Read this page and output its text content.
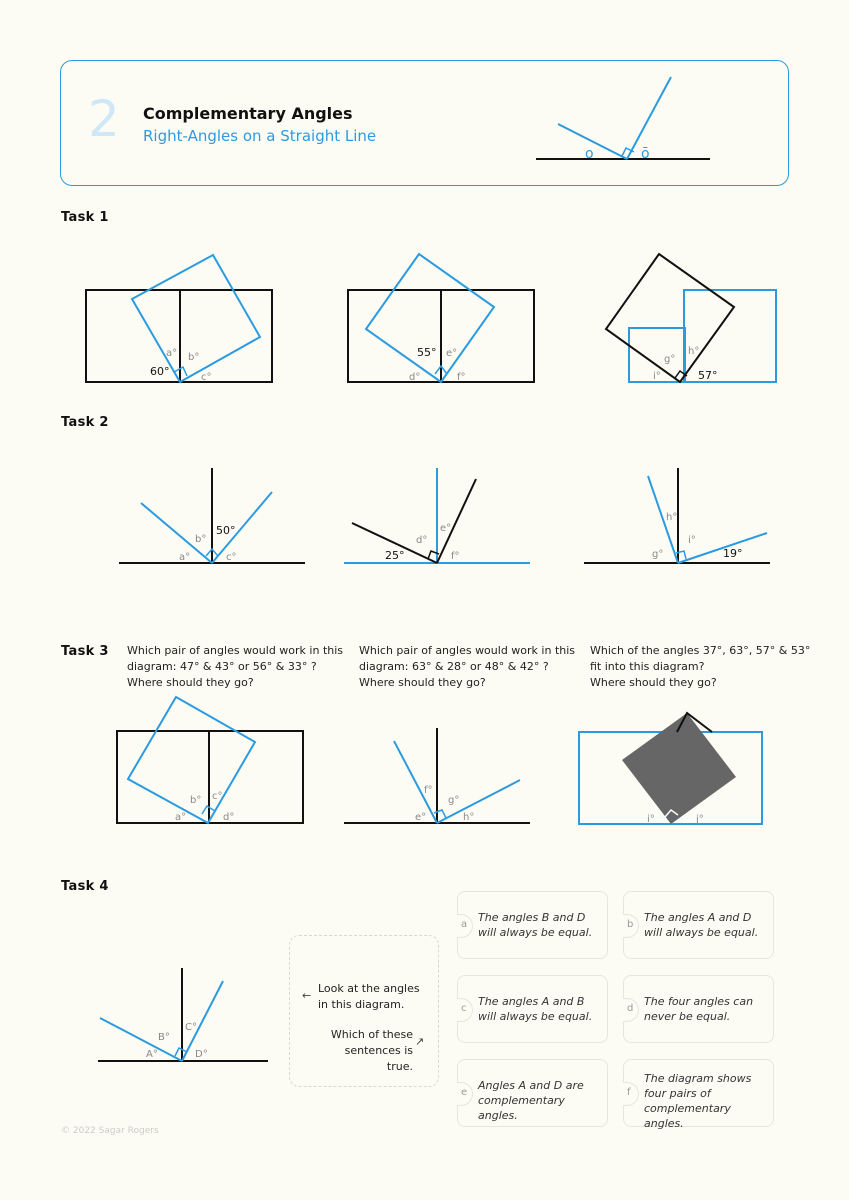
2 Complementary Angles
Right-Angles on a Straight Line
o	ō
Task 1
60°
a° b°
c°
55° e°
d°	f°
g°
h°
i°	57°
Task 2
50°
b°
a°	c°
d°
e°
25°	f°
h°
i°
g°	19°
Task 3 Which pair of angles would work in this
diagram: 47° & 43° or 56° & 33° ?
Where should they go?
Which pair of angles would work in this
diagram: 63° & 28° or 48° & 42° ?
Where should they go?
Which of the angles 37°, 63°, 57° & 53°
fit into this diagram?
Where should they go?
c°
b°
a°	d°
f°
g°
e°	h°	i°	j°
Task 4
B°
C°
A°	D°
←
Look at the angles
in this diagram.
Which of these
sentences is true.
↗
a
The angles B and D will always be equal.
b
The angles A and D will always be equal.
c
The angles A and B will always be equal.
d
The four angles can never be equal.
e
Angles A and D are complementary angles.
f
The diagram shows four pairs of complementary angles.
© 2022 Sagar Rogers
